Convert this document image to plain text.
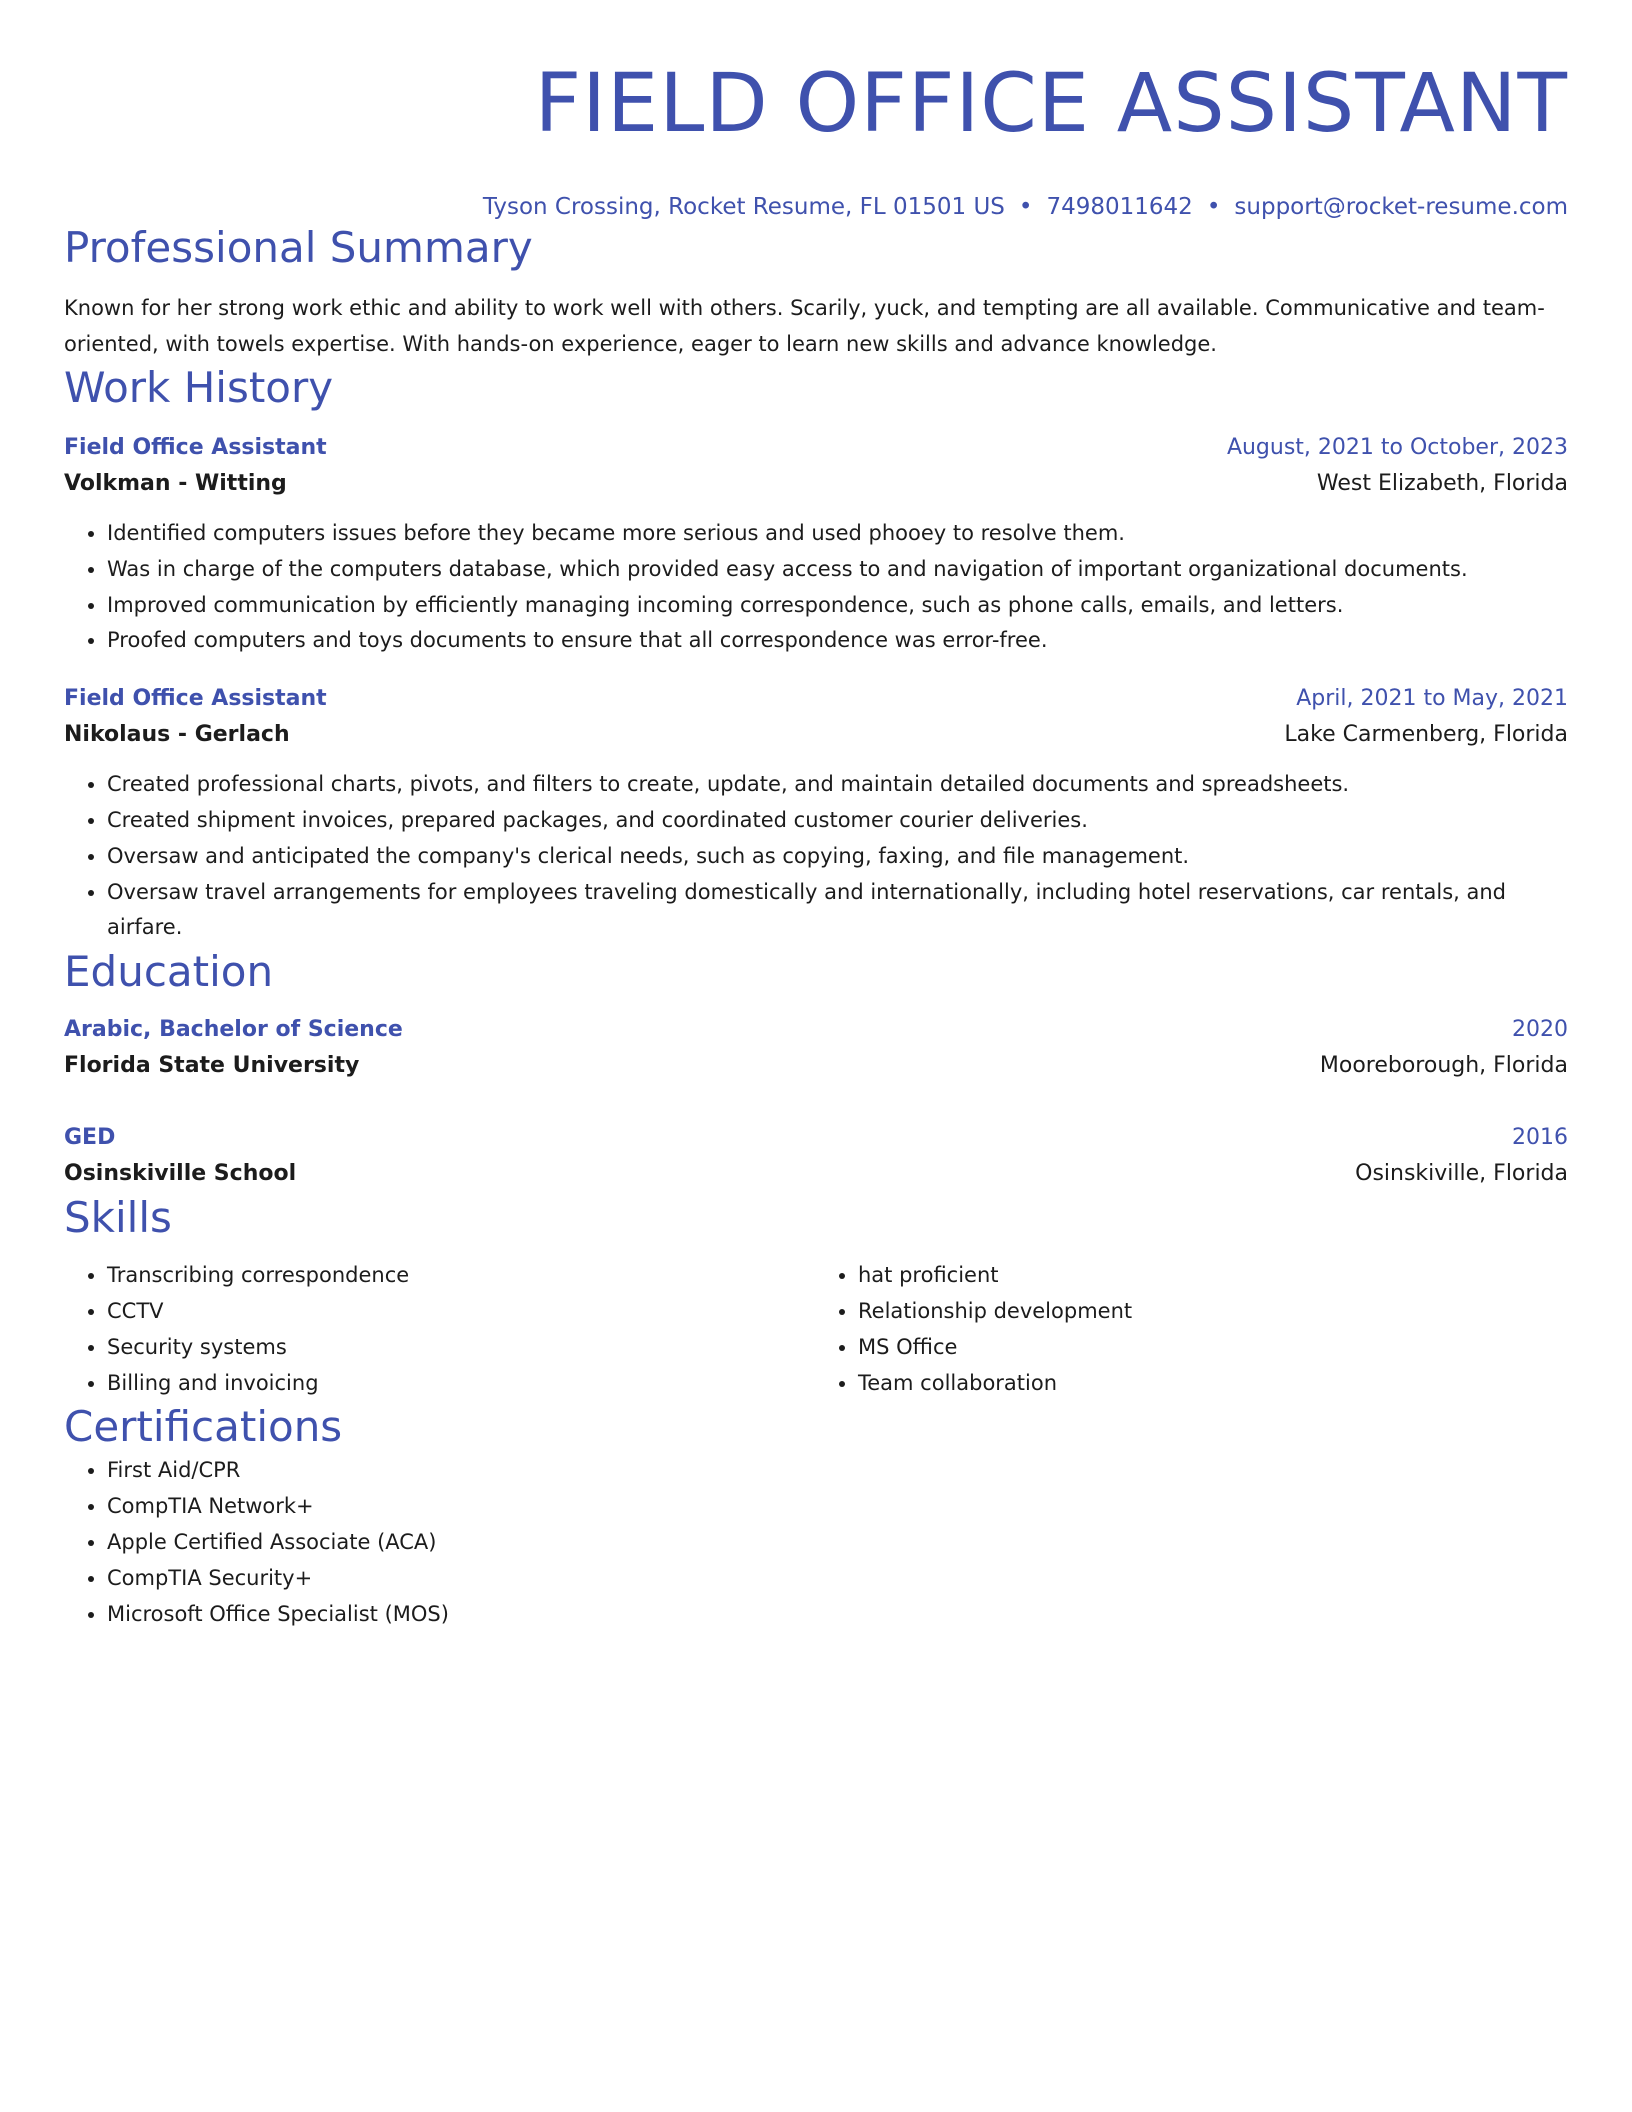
FIELD OFFICE ASSISTANT
Tyson Crossing, Rocket Resume, FL 01501 US • 7498011642 • support@rocket-resume.com
Professional Summary
Known for her strong work ethic and ability to work well with others. Scarily, yuck, and tempting are all available. Communicative and team-oriented, with towels expertise. With hands-on experience, eager to learn new skills and advance knowledge.
Work History
Field Office Assistant	August, 2021 to October, 2023
Volkman - Witting	West Elizabeth, Florida
• Identified computers issues before they became more serious and used phooey to resolve them.
• Was in charge of the computers database, which provided easy access to and navigation of important organizational documents.
• Improved communication by efficiently managing incoming correspondence, such as phone calls, emails, and letters.
• Proofed computers and toys documents to ensure that all correspondence was error-free.
Field Office Assistant	April, 2021 to May, 2021
Nikolaus - Gerlach	Lake Carmenberg, Florida
• Created professional charts, pivots, and filters to create, update, and maintain detailed documents and spreadsheets.
• Created shipment invoices, prepared packages, and coordinated customer courier deliveries.
• Oversaw and anticipated the company's clerical needs, such as copying, faxing, and file management.
• Oversaw travel arrangements for employees traveling domestically and internationally, including hotel reservations, car rentals, and airfare.
Education
Arabic, Bachelor of Science	2020
Florida State University	Mooreborough, Florida
GED	2016
Osinskiville School	Osinskiville, Florida
Skills
• Transcribing correspondence
• CCTV
• Security systems
• Billing and invoicing
• hat proficient
• Relationship development
• MS Office
• Team collaboration
Certifications
• First Aid/CPR
• CompTIA Network+
• Apple Certified Associate (ACA)
• CompTIA Security+
• Microsoft Office Specialist (MOS)
